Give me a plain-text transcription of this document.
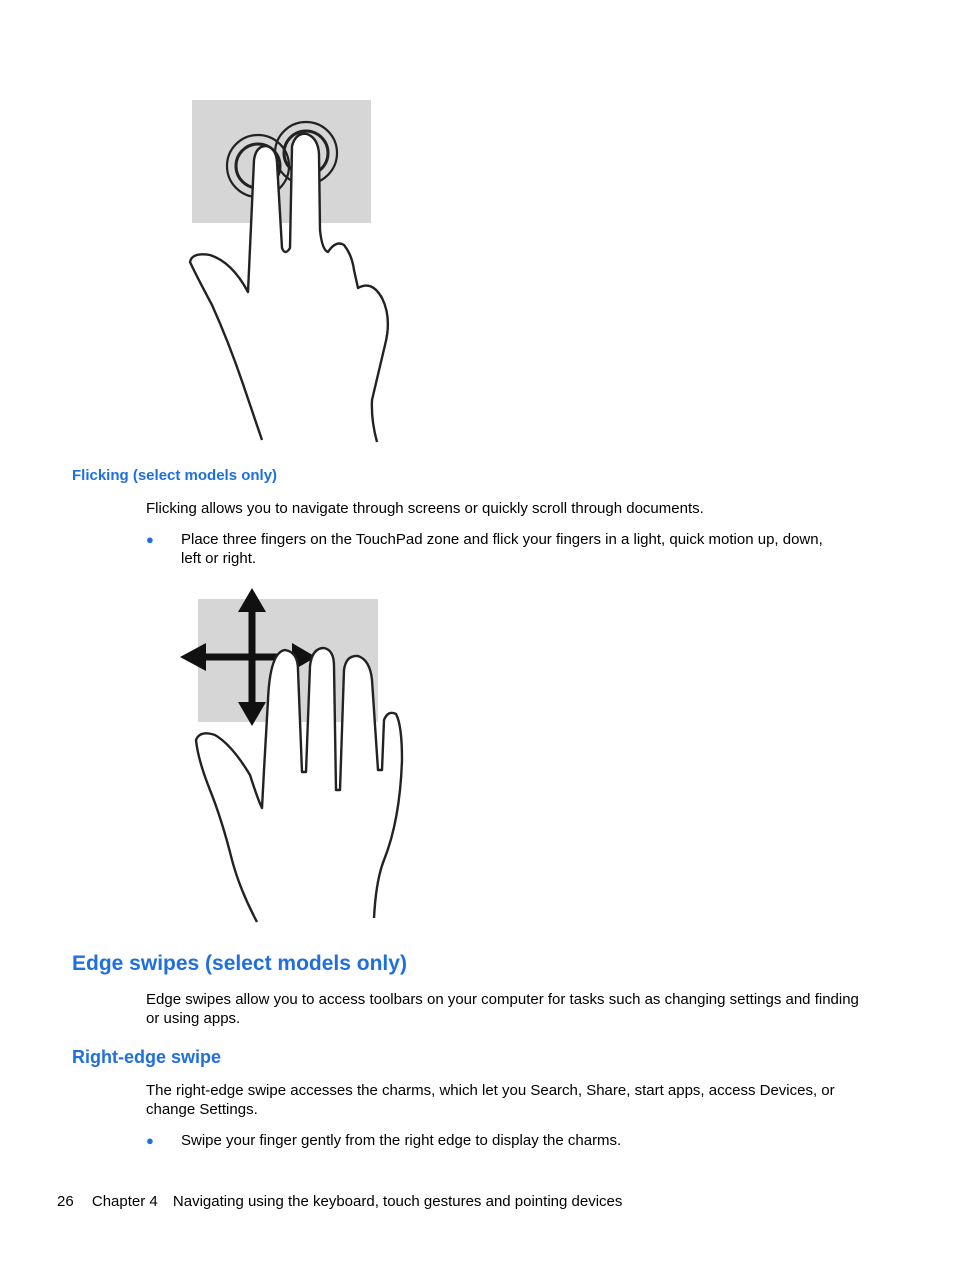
Flicking (select models only)
Flicking allows you to navigate through screens or quickly scroll through documents.
● Place three fingers on the TouchPad zone and flick your fingers in a light, quick motion up, down, left or right.
Edge swipes (select models only)
Edge swipes allow you to access toolbars on your computer for tasks such as changing settings and finding or using apps.
Right-edge swipe
The right-edge swipe accesses the charms, which let you Search, Share, start apps, access Devices, or change Settings.
● Swipe your finger gently from the right edge to display the charms.
26 Chapter 4 Navigating using the keyboard, touch gestures and pointing devices
